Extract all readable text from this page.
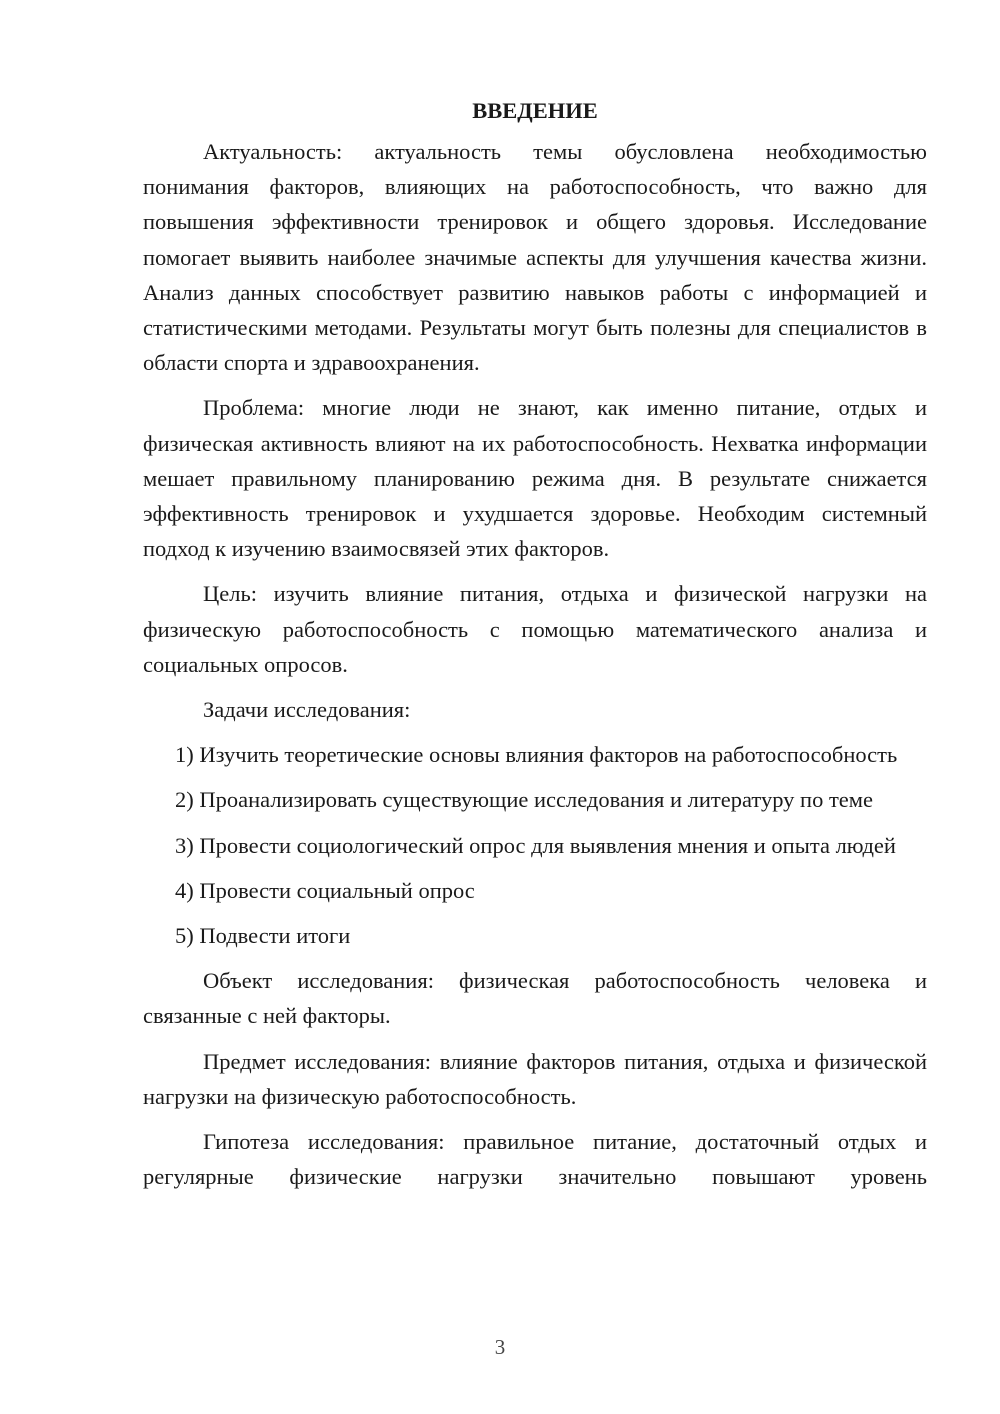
ВВЕДЕНИЕ

Актуальность: актуальность темы обусловлена необходимостью понимания факторов, влияющих на работоспособность, что важно для повышения эффективности тренировок и общего здоровья. Исследование помогает выявить наиболее значимые аспекты для улучшения качества жизни. Анализ данных способствует развитию навыков работы с информацией и статистическими методами. Результаты могут быть полезны для специалистов в области спорта и здравоохранения.

Проблема: многие люди не знают, как именно питание, отдых и физическая активность влияют на их работоспособность. Нехватка информации мешает правильному планированию режима дня. В результате снижается эффективность тренировок и ухудшается здоровье. Необходим системный подход к изучению взаимосвязей этих факторов.

Цель: изучить влияние питания, отдыха и физической нагрузки на физическую работоспособность с помощью математического анализа и социальных опросов.

Задачи исследования:

1) Изучить теоретические основы влияния факторов на работоспособность

2) Проанализировать существующие исследования и литературу по теме

3) Провести социологический опрос для выявления мнения и опыта людей

4) Провести социальный опрос

5) Подвести итоги

Объект исследования: физическая работоспособность человека и связанные с ней факторы.

Предмет исследования: влияние факторов питания, отдыха и физической нагрузки на физическую работоспособность.

Гипотеза исследования: правильное питание, достаточный отдых и регулярные физические нагрузки значительно повышают уровень

3
